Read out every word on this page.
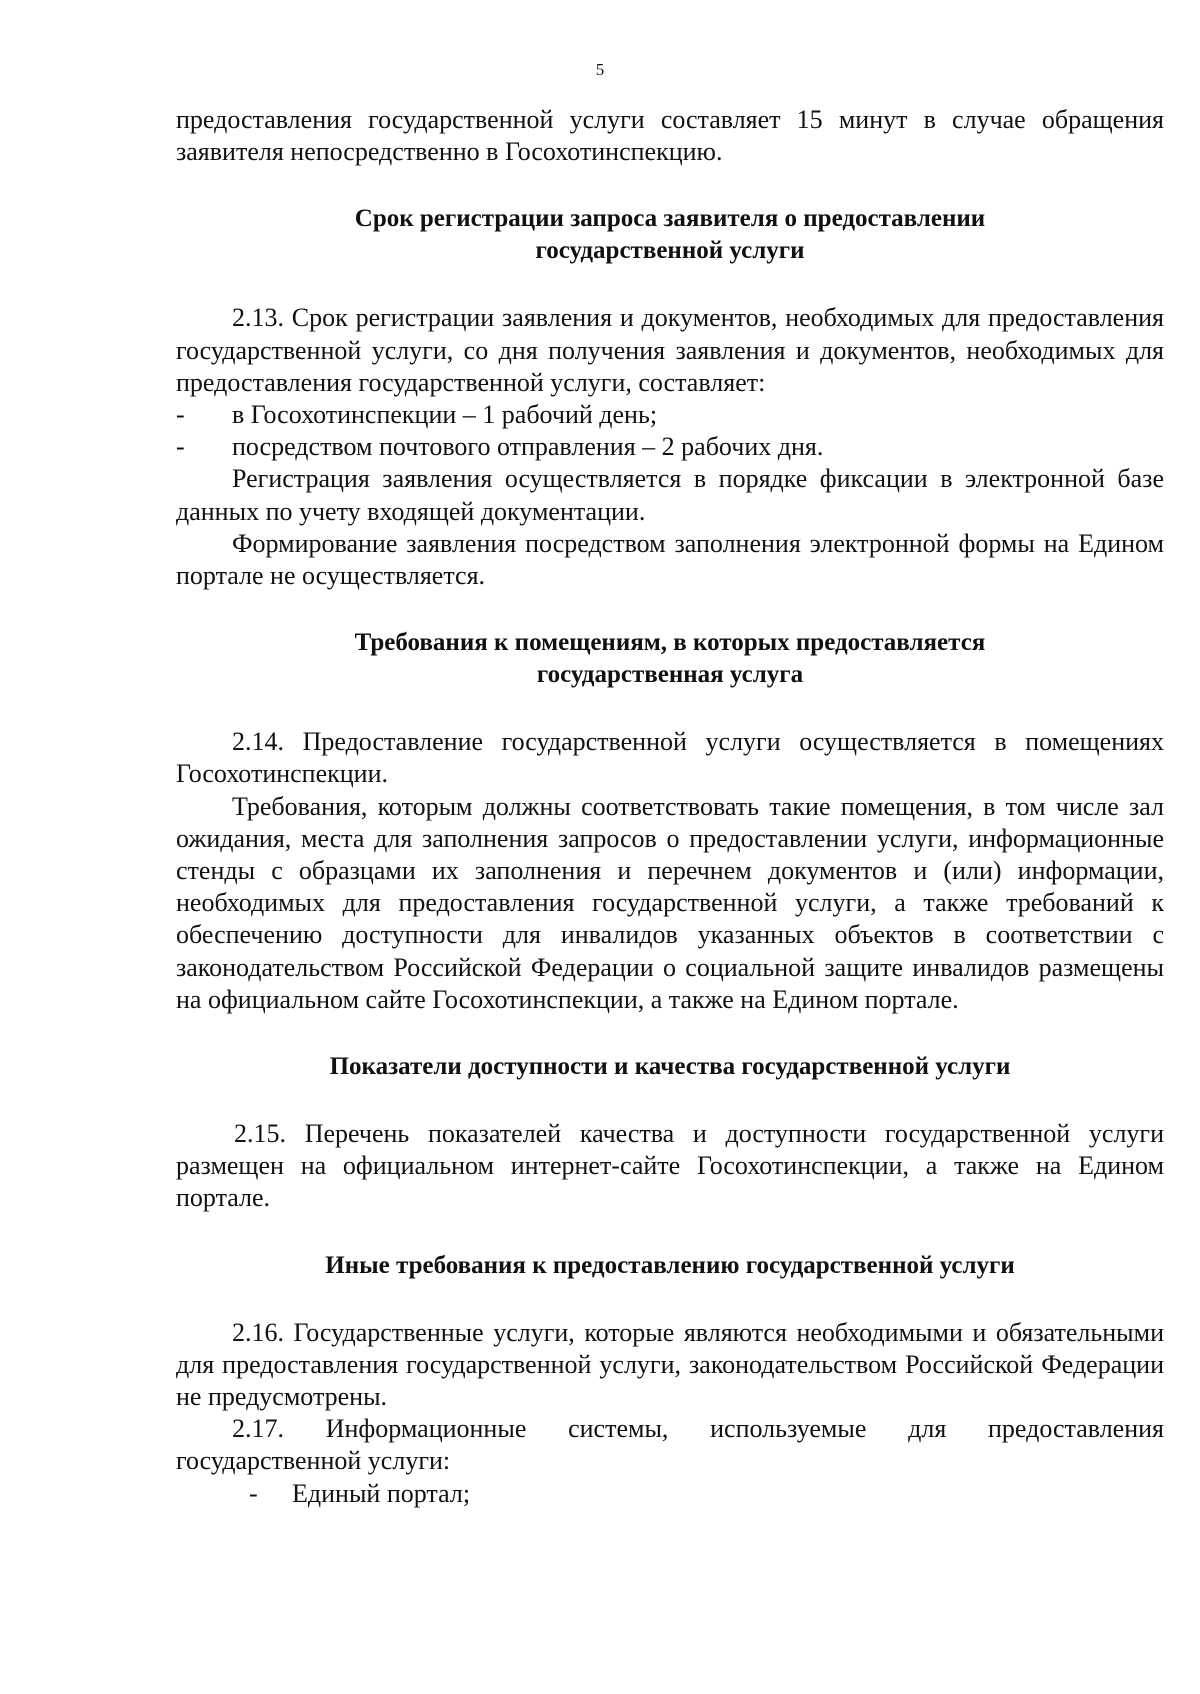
5

предоставления государственной услуги составляет 15 минут в случае обращения заявителя непосредственно в Госохотинспекцию.

Срок регистрации запроса заявителя о предоставлении
государственной услуги

2.13. Срок регистрации заявления и документов, необходимых для предоставления государственной услуги, со дня получения заявления и документов, необходимых для предоставления государственной услуги, составляет:

- в Госохотинспекции – 1 рабочий день;
- посредством почтового отправления – 2 рабочих дня.

Регистрация заявления осуществляется в порядке фиксации в электронной базе данных по учету входящей документации.

Формирование заявления посредством заполнения электронной формы на Едином портале не осуществляется.

Требования к помещениям, в которых предоставляется
государственная услуга

2.14. Предоставление государственной услуги осуществляется в помещениях Госохотинспекции.

Требования, которым должны соответствовать такие помещения, в том числе зал ожидания, места для заполнения запросов о предоставлении услуги, информационные стенды с образцами их заполнения и перечнем документов и (или) информации, необходимых для предоставления государственной услуги, а также требований к обеспечению доступности для инвалидов указанных объектов в соответствии с законодательством Российской Федерации о социальной защите инвалидов размещены на официальном сайте Госохотинспекции, а также на Едином портале.

Показатели доступности и качества государственной услуги

2.15. Перечень показателей качества и доступности государственной услуги размещен на официальном интернет-сайте Госохотинспекции, а также на Едином портале.

Иные требования к предоставлению государственной услуги

2.16. Государственные услуги, которые являются необходимыми и обязательными для предоставления государственной услуги, законодательством Российской Федерации не предусмотрены.

2.17. Информационные системы, используемые для предоставления государственной услуги:

- Единый портал;
